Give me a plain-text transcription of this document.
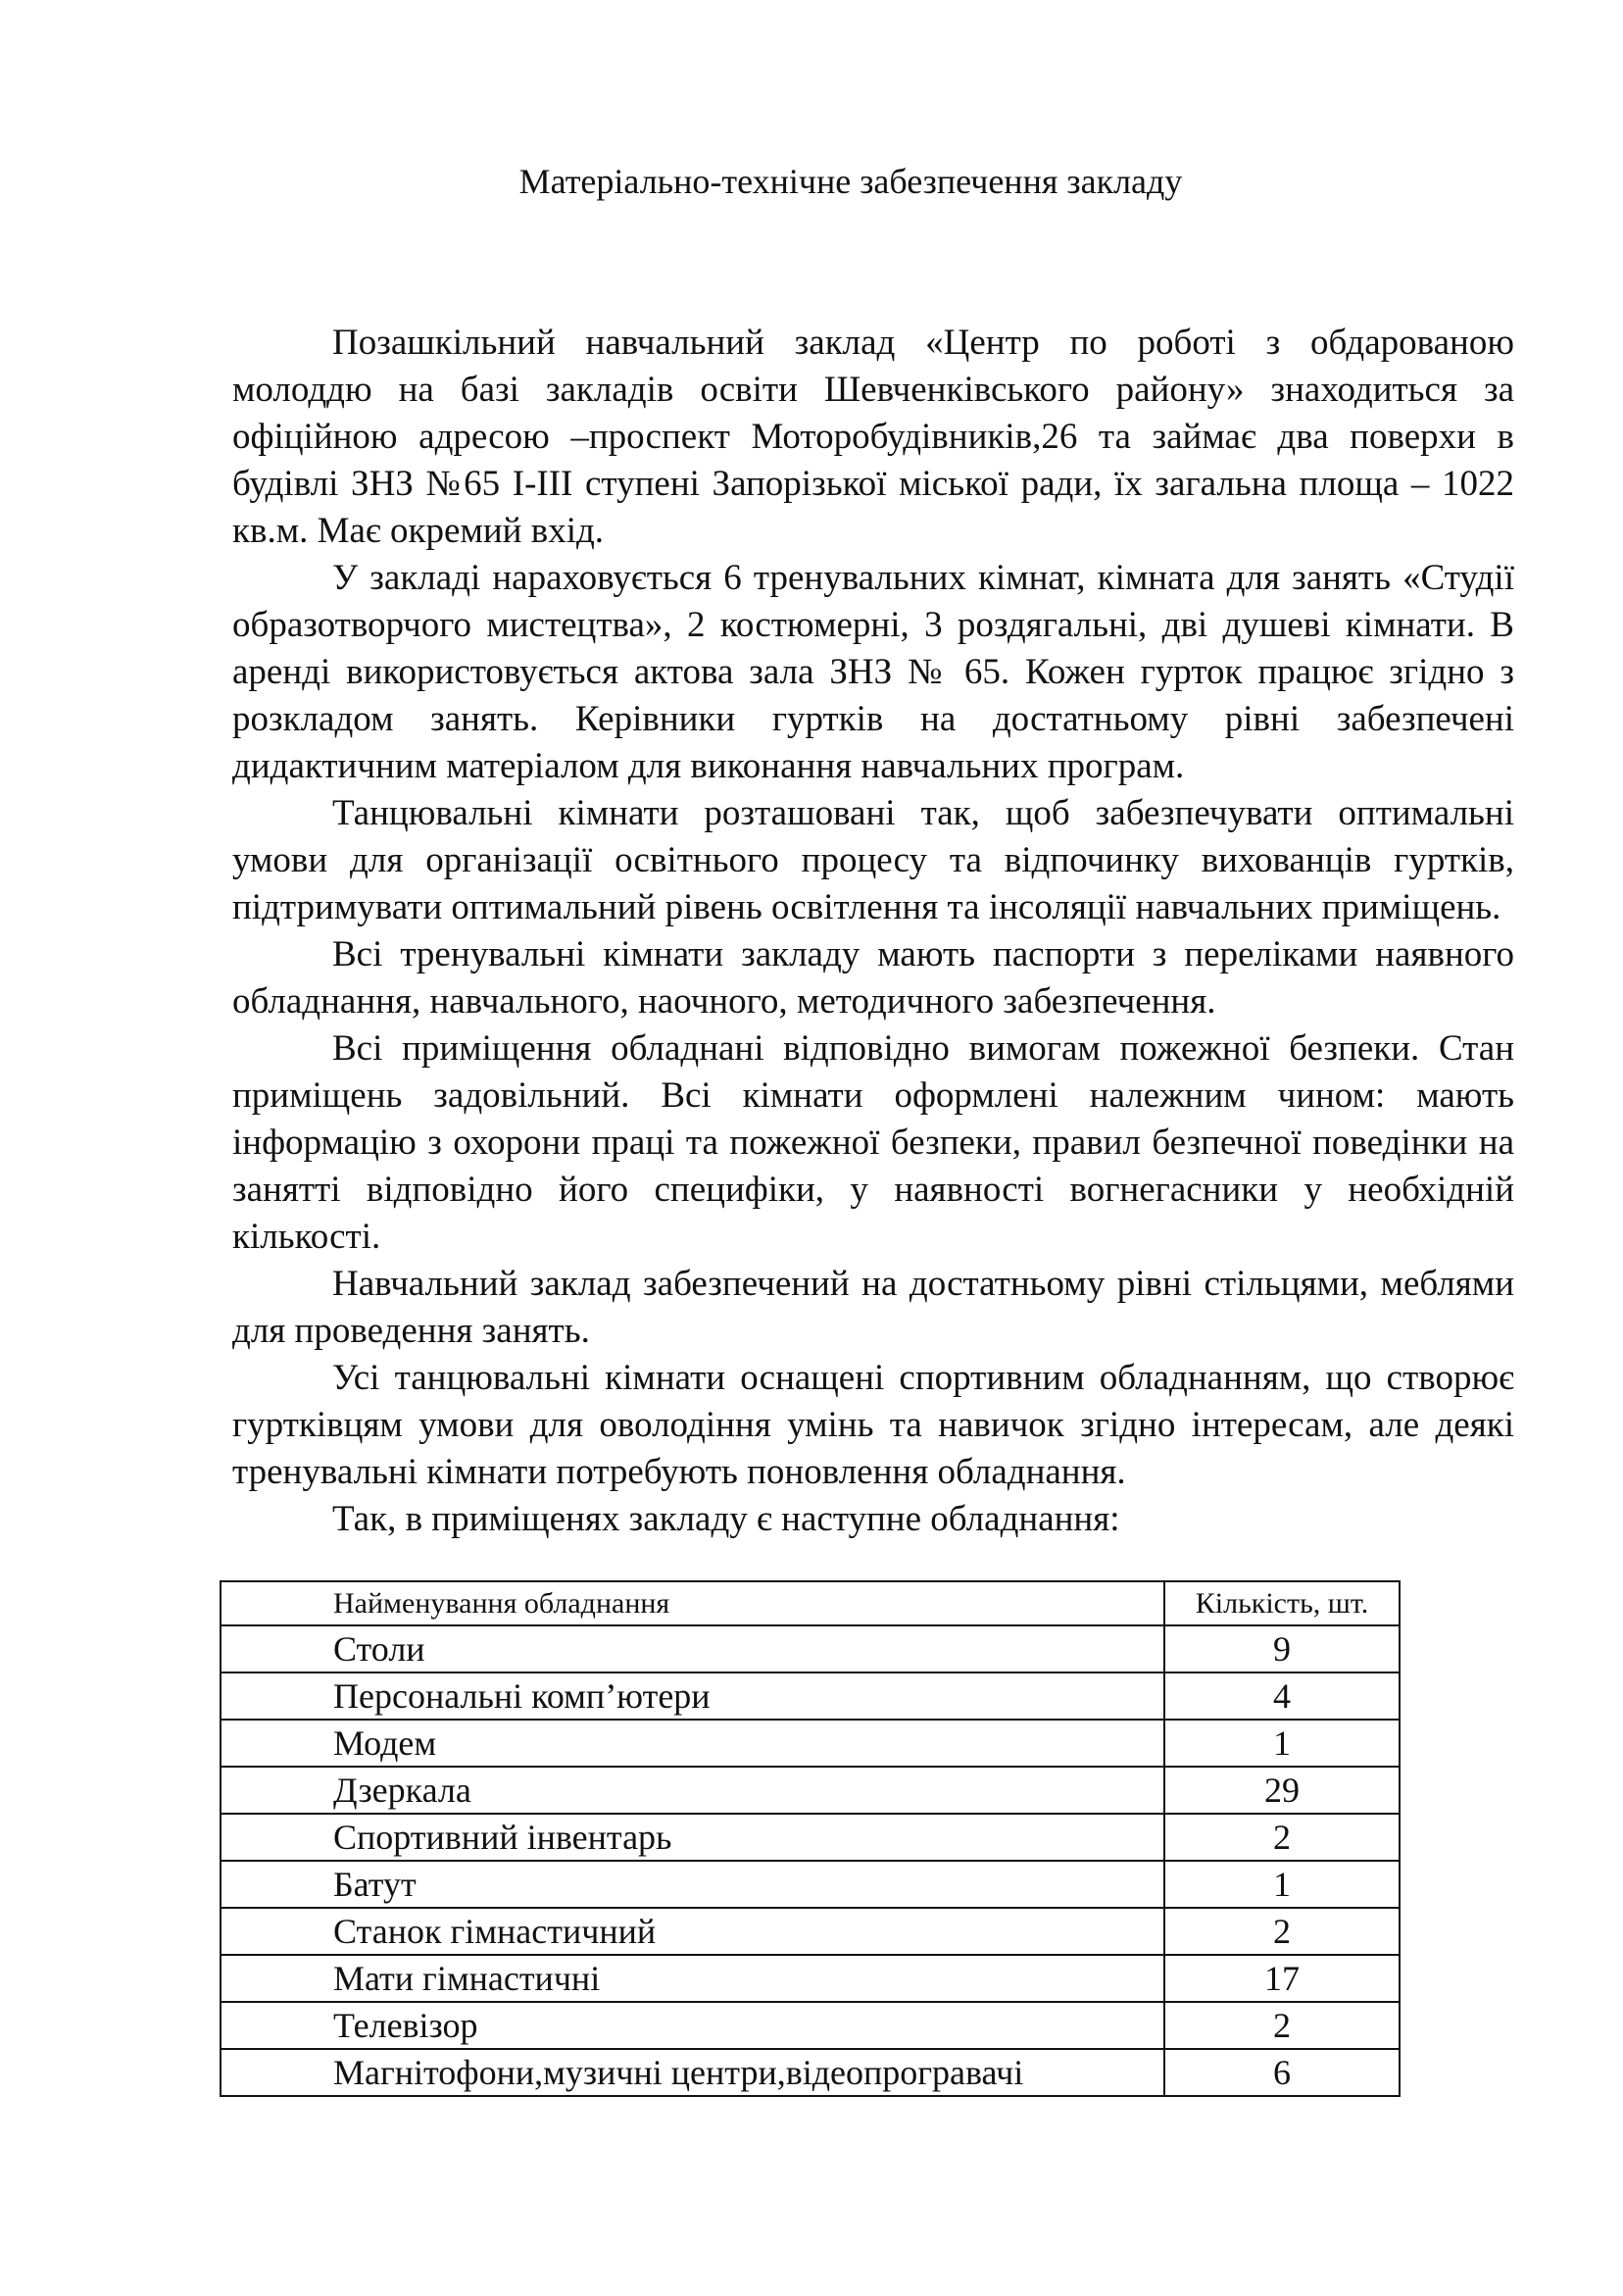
Матеріально-технічне забезпечення закладу

Позашкільний навчальний заклад «Центр по роботі з обдарованою молоддю на базі закладів освіти Шевченківського району» знаходиться за офіційною адресою –проспект Моторобудівників,26 та займає два поверхи в будівлі ЗНЗ №65 І-ІІІ ступені Запорізької міської ради, їх загальна площа – 1022 кв.м. Має окремий вхід.

У закладі нараховується 6 тренувальних кімнат, кімната для занять «Студії образотворчого мистецтва», 2 костюмерні, 3 роздягальні, дві душеві кімнати. В аренді використовується актова зала ЗНЗ № 65. Кожен гурток працює згідно з розкладом занять. Керівники гуртків на достатньому рівні забезпечені дидактичним матеріалом для виконання навчальних програм.

Танцювальні кімнати розташовані так, щоб забезпечувати оптимальні умови для організації освітнього процесу та відпочинку вихованців гуртків, підтримувати оптимальний рівень освітлення та інсоляції навчальних приміщень.

Всі тренувальні кімнати закладу мають паспорти з переліками наявного обладнання, навчального, наочного, методичного забезпечення.

Всі приміщення обладнані відповідно вимогам пожежної безпеки. Стан приміщень задовільний. Всі кімнати оформлені належним чином: мають інформацію з охорони праці та пожежної безпеки, правил безпечної поведінки на занятті відповідно його специфіки, у наявності вогнегасники у необхідній кількості.

Навчальний заклад забезпечений на достатньому рівні стільцями, меблями для проведення занять.

Усі танцювальні кімнати оснащені спортивним обладнанням, що створює гуртківцям умови для оволодіння умінь та навичок згідно інтересам, але деякі тренувальні кімнати потребують поновлення обладнання.

Так, в приміщенях закладу є наступне обладнання:

Найменування обладнання	Кількість, шт.
Столи	9
Персональні комп’ютери	4
Модем	1
Дзеркала	29
Спортивний інвентарь	2
Батут	1
Станок гімнастичний	2
Мати гімнастичні	17
Телевізор	2
Магнітофони,музичні центри,відеопрогравачі	6
